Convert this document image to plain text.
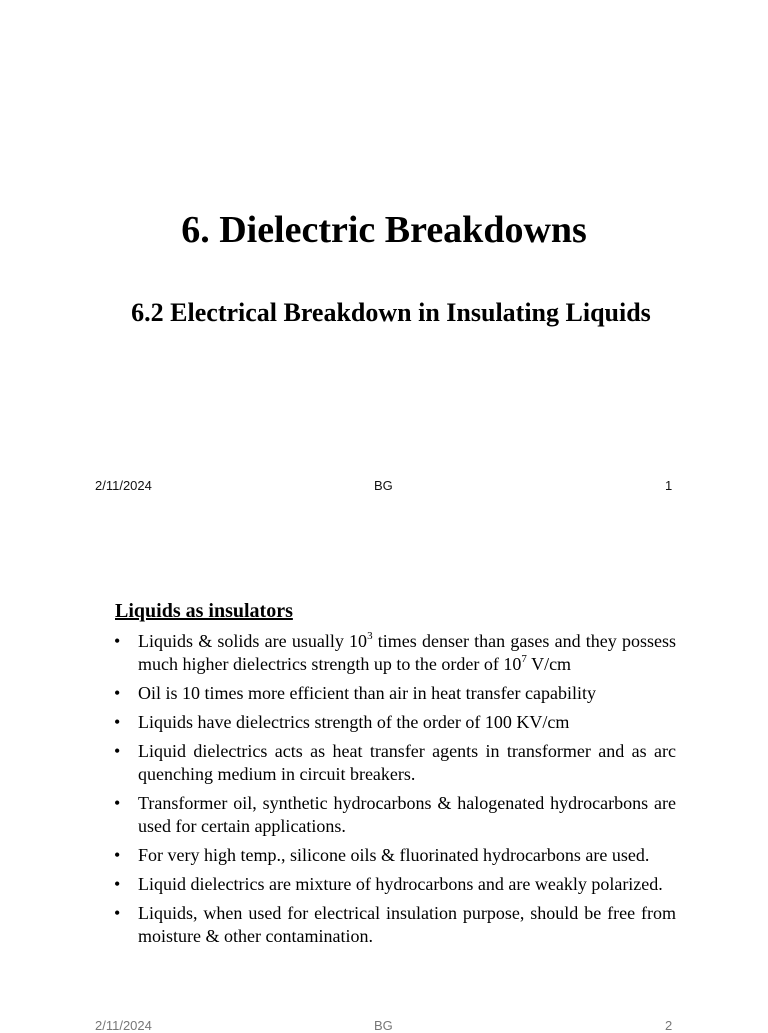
6. Dielectric Breakdowns
6.2 Electrical Breakdown in Insulating Liquids
2/11/2024	BG	1
Liquids as insulators
• Liquids & solids are usually $10^3$ times denser than gases and they possess much higher dielectrics strength up to the order of $10^7$ V/cm
• Oil is 10 times more efficient than air in heat transfer capability
• Liquids have dielectrics strength of the order of 100 KV/cm
• Liquid dielectrics acts as heat transfer agents in transformer and as arc quenching medium in circuit breakers.
• Transformer oil, synthetic hydrocarbons & halogenated hydrocarbons are used for certain applications.
• For very high temp., silicone oils & fluorinated hydrocarbons are used.
• Liquid dielectrics are mixture of hydrocarbons and are weakly polarized.
• Liquids, when used for electrical insulation purpose, should be free from moisture & other contamination.
2/11/2024	BG	2
